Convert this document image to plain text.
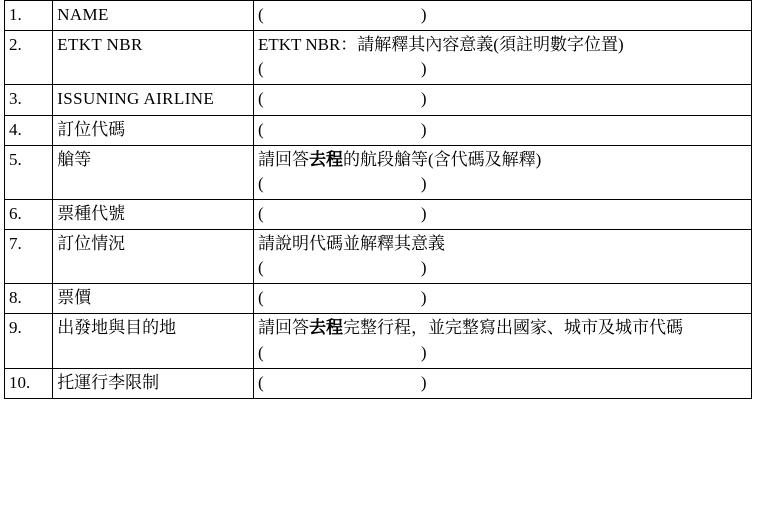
1.	NAME	(                                     )

2.	ETKT NBR	ETKT NBR：請解釋其內容意義(須註明數字位置)
(                                     )

3.	ISSUNING AIRLINE	(                                     )

4.	訂位代碼	(                                     )

5.	艙等	請回答去程的航段艙等(含代碼及解釋)
(                                     )

6.	票種代號	(                                     )

7.	訂位情況	請說明代碼並解釋其意義
(                                     )

8.	票價	(                                     )

9.	出發地與目的地	請回答去程完整行程，並完整寫出國家、城市及城市代碼
(                                     )

10.	托運行李限制	(                                     )
